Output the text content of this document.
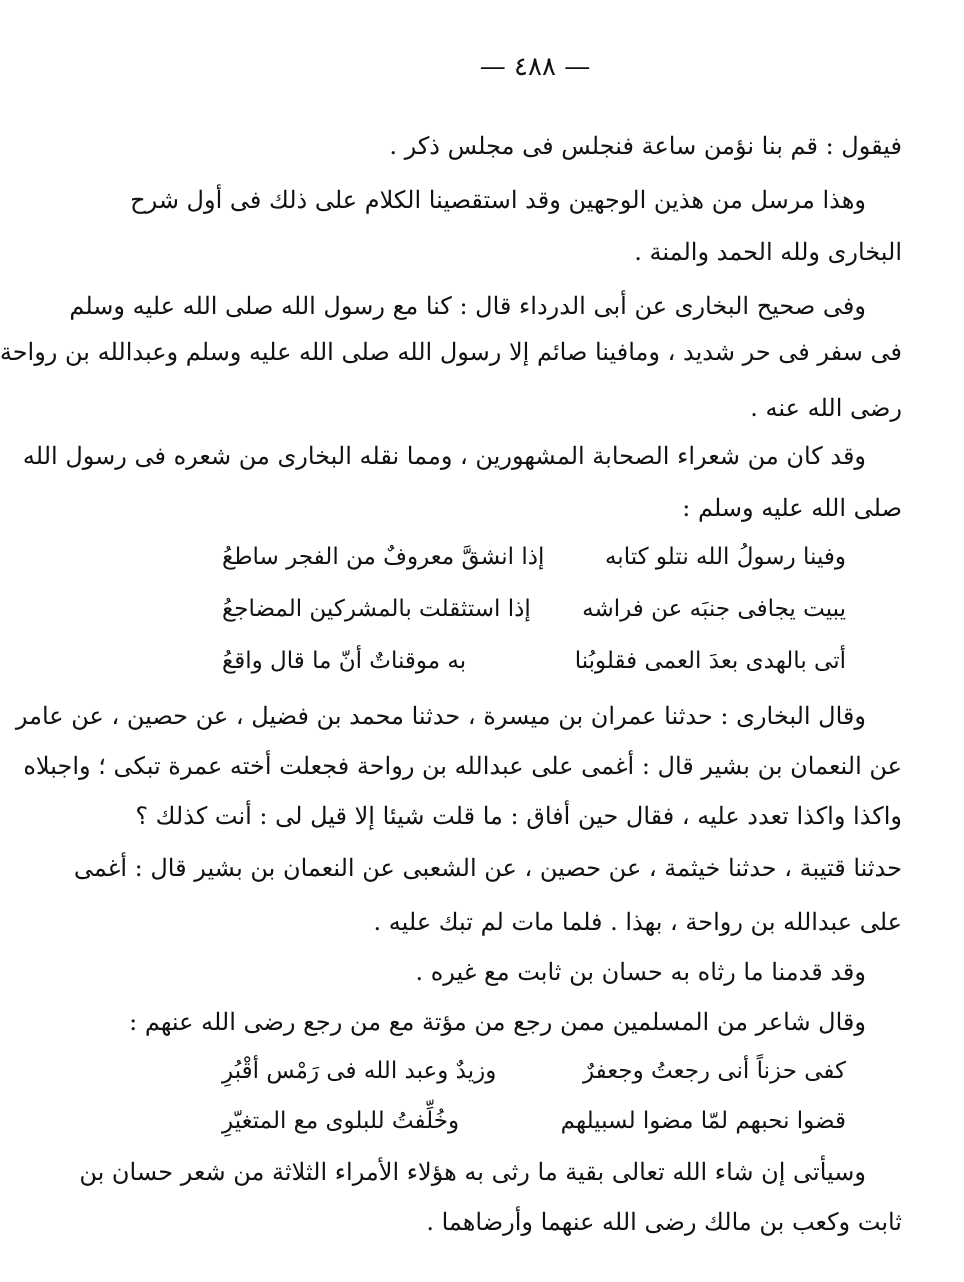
— ٤٨٨ —
فيقول : قم بنا نؤمن ساعة فنجلس فى مجلس ذكر .
وهذا مرسل من هذين الوجهين وقد استقصينا الكلام على ذلك فى أول شرح
البخارى ولله الحمد والمنة .
وفى صحيح البخارى عن أبى الدرداء قال : كنا مع رسول الله صلى الله عليه وسلم
فى سفر فى حر شديد ، ومافينا صائم إلا رسول الله صلى الله عليه وسلم وعبدالله بن رواحة
رضى الله عنه .
وقد كان من شعراء الصحابة المشهورين ، ومما نقله البخارى من شعره فى رسول الله
صلى الله عليه وسلم :
وفينا رسولُ الله نتلو كتابه
إذا انشقَّ معروفٌ من الفجر ساطعُ
يبيت يجافى جنبَه عن فراشه
إذا استثقلت بالمشركين المضاجعُ
أتى بالهدى بعدَ العمى فقلوبُنا
به موقناتٌ أنّ ما قال واقعُ
وقال البخارى : حدثنا عمران بن ميسرة ، حدثنا محمد بن فضيل ، عن حصين ، عن عامر
عن النعمان بن بشير قال : أغمى على عبدالله بن رواحة فجعلت أخته عمرة تبكى ؛ واجبلاه
واكذا واكذا تعدد عليه ، فقال حين أفاق : ما قلت شيئا إلا قيل لى : أنت كذلك ؟
حدثنا قتيبة ، حدثنا خيثمة ، عن حصين ، عن الشعبى عن النعمان بن بشير قال : أغمى
على عبدالله بن رواحة ، بهذا . فلما مات لم تبك عليه .
وقد قدمنا ما رثاه به حسان بن ثابت مع غيره .
وقال شاعر من المسلمين ممن رجع من مؤتة مع من رجع رضى الله عنهم :
كفى حزناً أنى رجعتُ وجعفرٌ
وزيدٌ وعبد الله فى رَمْس أقْبُرِ
قضوا نحبهم لمّا مضوا لسبيلهم
وخُلِّفتُ للبلوى مع المتغيّرِ
وسيأتى إن شاء الله تعالى بقية ما رثى به هؤلاء الأمراء الثلاثة من شعر حسان بن
ثابت وكعب بن مالك رضى الله عنهما وأرضاهما .
